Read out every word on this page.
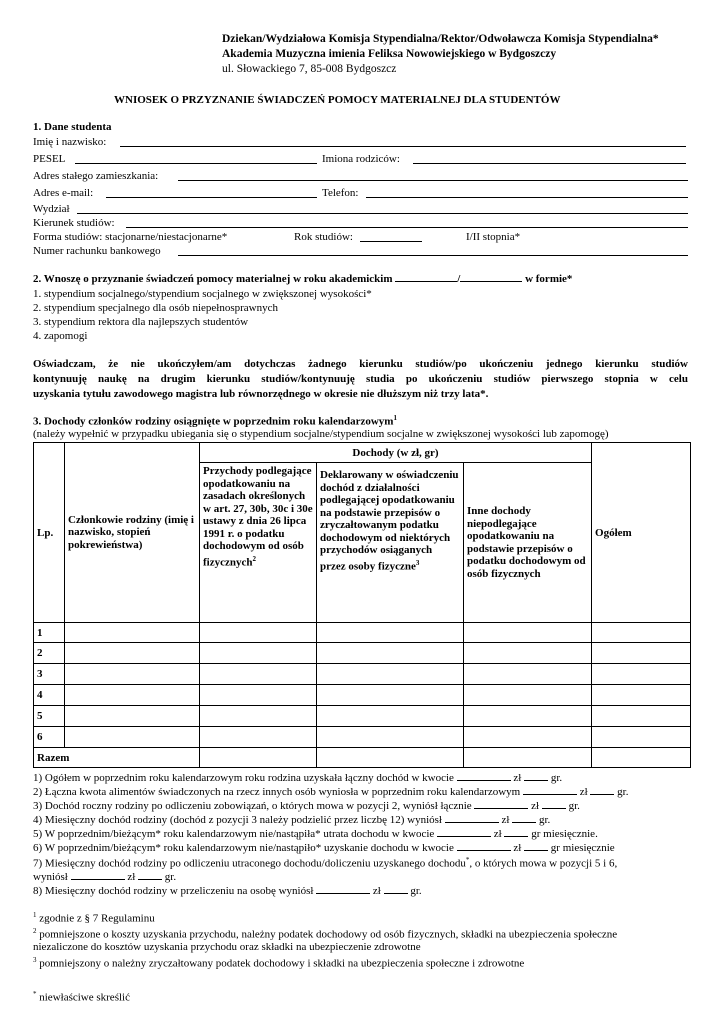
Dziekan/Wydziałowa Komisja Stypendialna/Rektor/Odwoławcza Komisja Stypendialna*
Akademia Muzyczna imienia Feliksa Nowowiejskiego w Bydgoszczy
ul. Słowackiego 7, 85-008 Bydgoszcz
WNIOSEK O PRZYZNANIE ŚWIADCZEŃ POMOCY MATERIALNEJ DLA STUDENTÓW
1. Dane studenta
Imię i nazwisko:
PESEL	Imiona rodziców:
Adres stałego zamieszkania:
Adres e-mail:	Telefon:
Wydział
Kierunek studiów:
Forma studiów: stacjonarne/niestacjonarne*	Rok studiów:	I/II stopnia*
Numer rachunku bankowego
2. Wnoszę o przyznanie świadczeń pomocy materialnej w roku akademickim	/	w formie*
1. stypendium socjalnego/stypendium socjalnego w zwiększonej wysokości*
2. stypendium specjalnego dla osób niepełnosprawnych
3. stypendium rektora dla najlepszych studentów
4. zapomogi
Oświadczam, że nie ukończyłem/am dotychczas żadnego kierunku studiów/po ukończeniu jednego kierunku studiów
kontynuuję naukę na drugim kierunku studiów/kontynuuję studia po ukończeniu studiów pierwszego stopnia w celu
uzyskania tytułu zawodowego magistra lub równorzędnego w okresie nie dłuższym niż trzy lata*.
3. Dochody członków rodziny osiągnięte w poprzednim roku kalendarzowym$^1$
(należy wypełnić w przypadku ubiegania się o stypendium socjalne/stypendium socjalne w zwiększonej wysokości lub zapomogę)
Lp.	Członkowie rodziny (imię i nazwisko, stopień pokrewieństwa)	Dochody (w zł, gr)			Ogółem
		Przychody podlegające opodatkowaniu na zasadach określonych w art. 27, 30b, 30c i 30e ustawy z dnia 26 lipca 1991 r. o podatku dochodowym od osób fizycznych$^2$	Deklarowany w oświadczeniu dochód z działalności podlegającej opodatkowaniu na podstawie przepisów o zryczałtowanym podatku dochodowym od niektórych przychodów osiąganych przez osoby fizyczne$^3$	Inne dochody niepodlegające opodatkowaniu na podstawie przepisów o podatku dochodowym od osób fizycznych	
1					
2					
3					
4					
5					
6					
Razem					
1) Ogółem w poprzednim roku kalendarzowym roku rodzina uzyskała łączny dochód w kwocie	zł	gr.
2) Łączna kwota alimentów świadczonych na rzecz innych osób wyniosła w poprzednim roku kalendarzowym	zł	gr.
3) Dochód roczny rodziny po odliczeniu zobowiązań, o których mowa w pozycji 2, wyniósł łącznie	zł	gr.
4) Miesięczny dochód rodziny (dochód z pozycji 3 należy podzielić przez liczbę 12) wyniósł	zł	gr.
5) W poprzednim/bieżącym* roku kalendarzowym nie/nastąpiła* utrata dochodu w kwocie	zł	gr miesięcznie.
6) W poprzednim/bieżącym* roku kalendarzowym nie/nastąpiło* uzyskanie dochodu w kwocie	zł	gr miesięcznie
7) Miesięczny dochód rodziny po odliczeniu utraconego dochodu/doliczeniu uzyskanego dochodu*, o których mowa w pozycji 5 i 6,
wyniósł	zł	gr.
8) Miesięczny dochód rodziny w przeliczeniu na osobę wyniósł	zł	gr.
$^1$ zgodnie z § 7 Regulaminu
$^2$ pomniejszone o koszty uzyskania przychodu, należny podatek dochodowy od osób fizycznych, składki na ubezpieczenia społeczne
niezaliczone do kosztów uzyskania przychodu oraz składki na ubezpieczenie zdrowotne
$^3$ pomniejszony o należny zryczałtowany podatek dochodowy i składki na ubezpieczenia społeczne i zdrowotne
* niewłaściwe skreślić
